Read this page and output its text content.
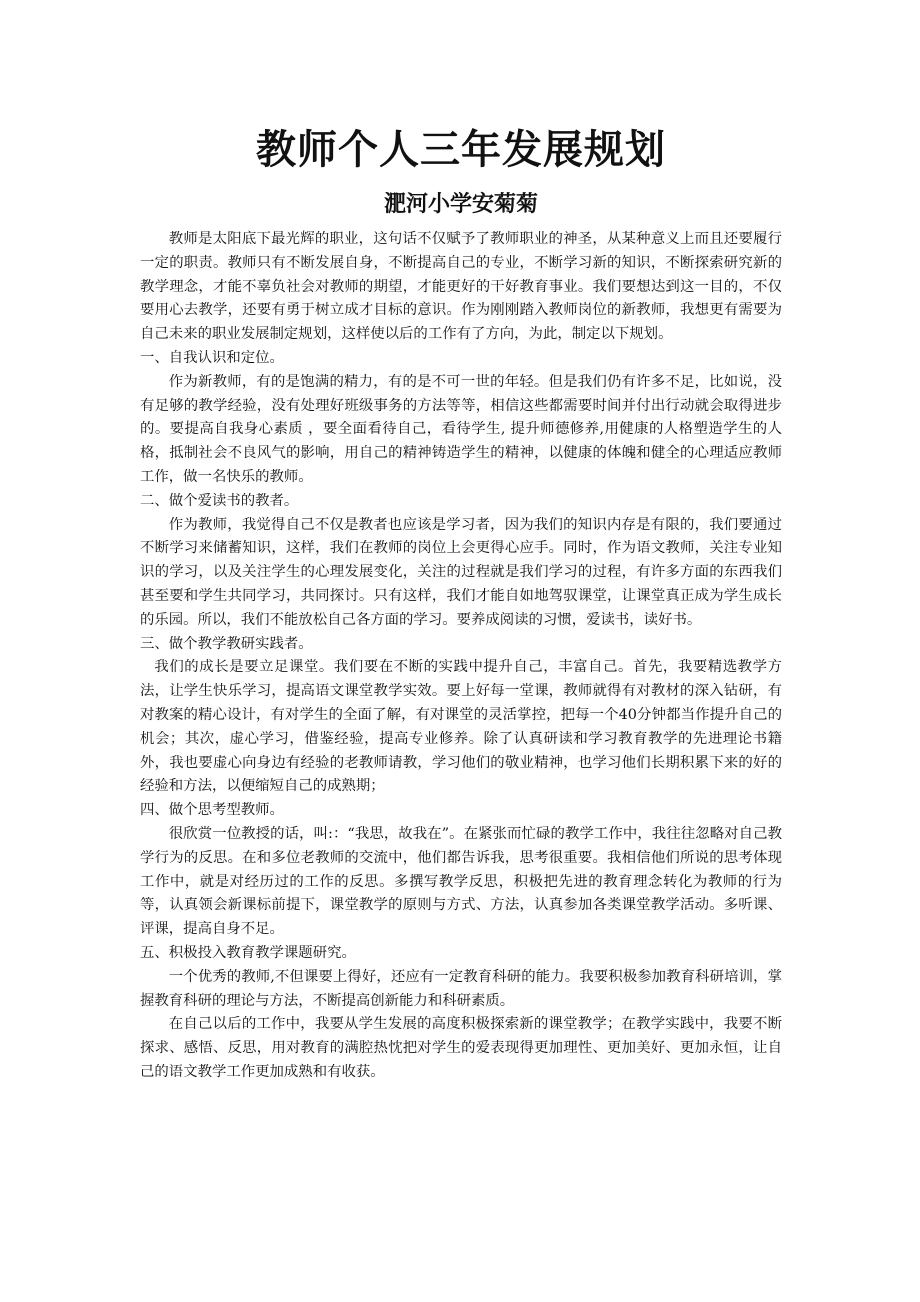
教师个人三年发展规划
淝河小学安菊菊

教师是太阳底下最光辉的职业，这句话不仅赋予了教师职业的神圣，从某种意义上而且还要履行一定的职责。教师只有不断发展自身，不断提高自己的专业，不断学习新的知识，不断探索研究新的教学理念，才能不辜负社会对教师的期望，才能更好的干好教育事业。我们要想达到这一目的，不仅要用心去教学，还要有勇于树立成才目标的意识。作为刚刚踏入教师岗位的新教师，我想更有需要为自己未来的职业发展制定规划，这样使以后的工作有了方向，为此，制定以下规划。

一、自我认识和定位。

作为新教师，有的是饱满的精力，有的是不可一世的年轻。但是我们仍有许多不足，比如说，没有足够的教学经验，没有处理好班级事务的方法等等，相信这些都需要时间并付出行动就会取得进步的。要提高自我身心素质 ，要全面看待自己，看待学生, 提升师德修养,用健康的人格塑造学生的人格，抵制社会不良风气的影响，用自己的精神铸造学生的精神，以健康的体魄和健全的心理适应教师工作，做一名快乐的教师。

二、做个爱读书的教者。

作为教师，我觉得自己不仅是教者也应该是学习者，因为我们的知识内存是有限的，我们要通过不断学习来储蓄知识，这样，我们在教师的岗位上会更得心应手。同时，作为语文教师，关注专业知识的学习，以及关注学生的心理发展变化，关注的过程就是我们学习的过程，有许多方面的东西我们甚至要和学生共同学习，共同探讨。只有这样，我们才能自如地驾驭课堂，让课堂真正成为学生成长的乐园。所以，我们不能放松自己各方面的学习。要养成阅读的习惯，爱读书，读好书。

三、做个教学教研实践者。

我们的成长是要立足课堂。我们要在不断的实践中提升自己，丰富自己。首先，我要精选教学方法，让学生快乐学习，提高语文课堂教学实效。要上好每一堂课，教师就得有对教材的深入钻研，有对教案的精心设计，有对学生的全面了解，有对课堂的灵活掌控，把每一个40分钟都当作提升自己的机会；其次，虚心学习，借鉴经验，提高专业修养。除了认真研读和学习教育教学的先进理论书籍外，我也要虚心向身边有经验的老教师请教，学习他们的敬业精神，也学习他们长期积累下来的好的经验和方法，以便缩短自己的成熟期；

四、做个思考型教师。

很欣赏一位教授的话，叫:：“我思，故我在”。在紧张而忙碌的教学工作中，我往往忽略对自己教学行为的反思。在和多位老教师的交流中，他们都告诉我，思考很重要。我相信他们所说的思考体现工作中，就是对经历过的工作的反思。多撰写教学反思，积极把先进的教育理念转化为教师的行为等，认真领会新课标前提下，课堂教学的原则与方式、方法，认真参加各类课堂教学活动。多听课、评课，提高自身不足。

五、积极投入教育教学课题研究。

一个优秀的教师,不但课要上得好，还应有一定教育科研的能力。我要积极参加教育科研培训，掌握教育科研的理论与方法，不断提高创新能力和科研素质。

在自己以后的工作中，我要从学生发展的高度积极探索新的课堂教学；在教学实践中，我要不断探求、感悟、反思，用对教育的满腔热忱把对学生的爱表现得更加理性、更加美好、更加永恒，让自己的语文教学工作更加成熟和有收获。
